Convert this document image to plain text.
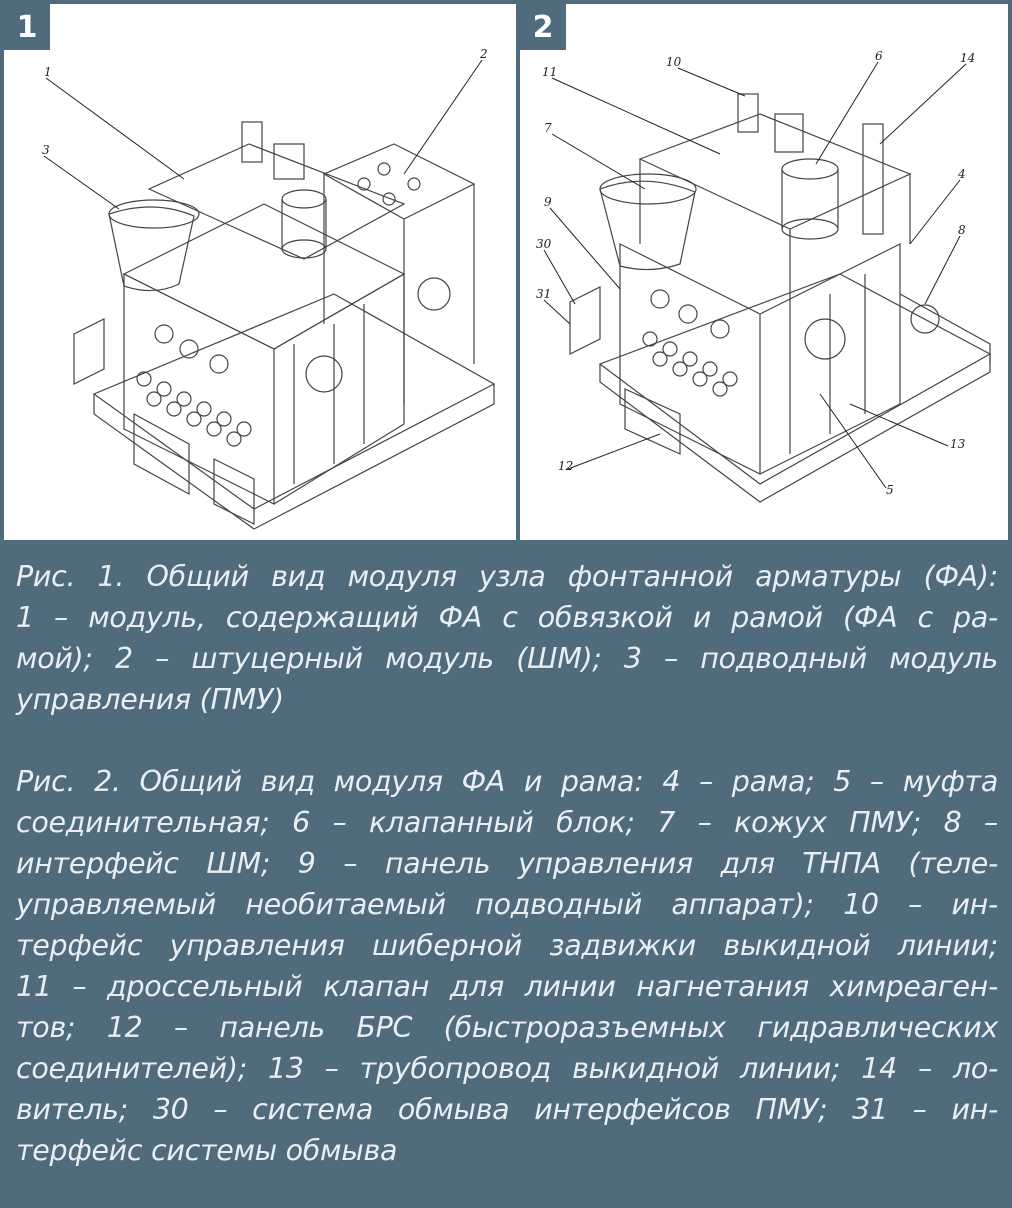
1
2
3
1
10
11
6	14
7
4
9
8
30
31
13
12
5
2
Рис. 1. Общий вид модуля узла фонтанной арматуры (ФА):
1 – модуль, содержащий ФА с обвязкой и рамой (ФА с ра-
мой); 2 – штуцерный модуль (ШМ); 3 – подводный модуль
управления (ПМУ)
Рис. 2. Общий вид модуля ФА и рама: 4 – рама; 5 – муфта
соединительная; 6 – клапанный блок; 7 – кожух ПМУ; 8 –
интерфейс ШМ; 9 – панель управления для ТНПА (теле-
управляемый необитаемый подводный аппарат); 10 – ин-
терфейс управления шиберной задвижки выкидной линии;
11 – дроссельный клапан для линии нагнетания химреаген-
тов; 12 – панель БРС (быстроразъемных гидравлических
соединителей); 13 – трубопровод выкидной линии; 14 – ло-
витель; 30 – система обмыва интерфейсов ПМУ; 31 – ин-
терфейс системы обмыва
